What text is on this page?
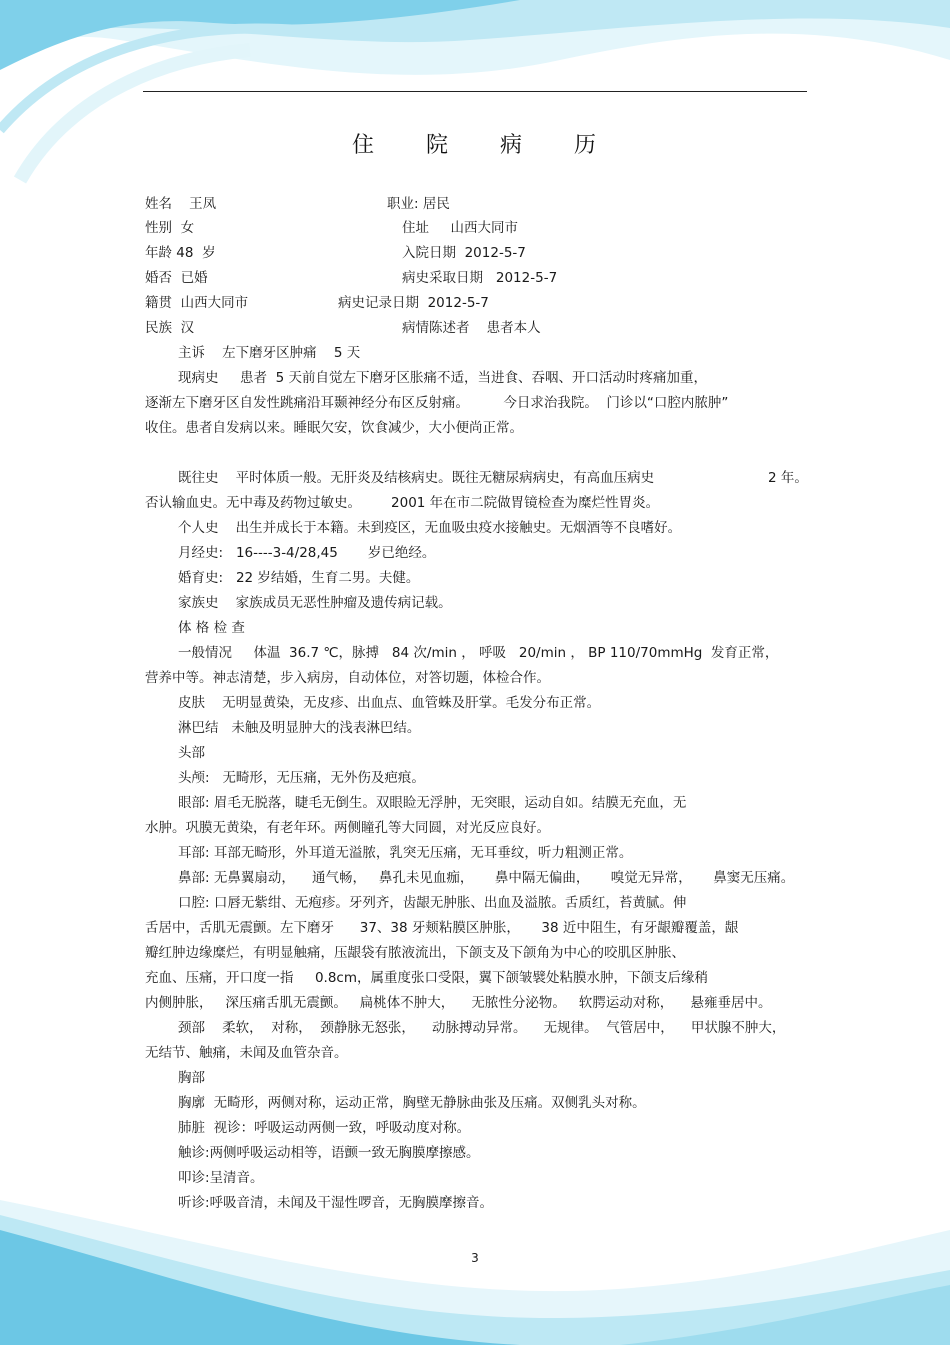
住 院 病 历
姓名 王凤	职业: 居民
性别 女	住址 山西大同市
年龄 48 岁	入院日期 2012-5-7
婚否 已婚	病史采取日期 2012-5-7
籍贯 山西大同市	病史记录日期 2012-5-7
民族 汉	病情陈述者 患者本人
主诉 左下磨牙区肿痛 5 天
现病史 患者 5 天前自觉左下磨牙区胀痛不适，当进食、吞咽、开口活动时疼痛加重，
逐渐左下磨牙区自发性跳痛沿耳颞神经分布区反射痛。        今日求治我院。  门诊以“口腔内脓肿”
收住。患者自发病以来。睡眠欠安，饮食减少，大小便尚正常。
既往史 平时体质一般。无肝炎及结核病史。既往无糖尿病病史，有高血压病史	2 年。
否认输血史。无中毒及药物过敏史。       2001 年在市二院做胃镜检查为糜烂性胃炎。
个人史 出生并成长于本籍。未到疫区，无血吸虫疫水接触史。无烟酒等不良嗜好。
月经史: 16----3-4/28,45 岁已绝经。
婚育史: 22 岁结婚，生育二男。夫健。
家族史 家族成员无恶性肿瘤及遗传病记载。
体 格 检 查
一般情况 体温  36.7 ℃，脉搏   84 次/min ， 呼吸   20/min ， BP 110/70mmHg  发育正常，
营养中等。神志清楚，步入病房，自动体位，对答切题，体检合作。
皮肤 无明显黄染，无皮疹、出血点、血管蛛及肝掌。毛发分布正常。
淋巴结 未触及明显肿大的浅表淋巴结。
头部
头颅: 无畸形，无压痛，无外伤及疤痕。
眼部: 眉毛无脱落，睫毛无倒生。双眼睑无浮肿，无突眼，运动自如。结膜无充血，无
水肿。巩膜无黄染，有老年环。两侧瞳孔等大同圆，对光反应良好。
耳部: 耳部无畸形，外耳道无溢脓，乳突无压痛，无耳垂纹，听力粗测正常。
鼻部: 无鼻翼扇动，    通气畅，   鼻孔未见血痂，     鼻中隔无偏曲，     嗅觉无异常，     鼻窦无压痛。
口腔: 口唇无紫绀、无疱疹。牙列齐，齿龈无肿胀、出血及溢脓。舌质红，苔黄腻。伸
舌居中，舌肌无震颤。左下磨牙      37、38 牙颊粘膜区肿胀，     38 近中阻生，有牙龈瓣覆盖，龈
瓣红肿边缘糜烂，有明显触痛，压龈袋有脓液流出，下颌支及下颌角为中心的咬肌区肿胀、
充血、压痛，开口度一指     0.8cm，属重度张口受限，翼下颌皱襞处粘膜水肿，下颌支后缘稍
内侧肿胀，   深压痛舌肌无震颤。   扁桃体不肿大，    无脓性分泌物。   软腭运动对称，    悬雍垂居中。
颈部 柔软，  对称，  颈静脉无怒张，    动脉搏动异常。    无规律。  气管居中，    甲状腺不肿大，
无结节、触痛，未闻及血管杂音。
胸部
胸廓 无畸形，两侧对称，运动正常，胸壁无静脉曲张及压痛。双侧乳头对称。
肺脏 视诊：呼吸运动两侧一致，呼吸动度对称。
触诊:两侧呼吸运动相等，语颤一致无胸膜摩擦感。
叩诊:呈清音。
听诊:呼吸音清，未闻及干湿性啰音，无胸膜摩擦音。
3
